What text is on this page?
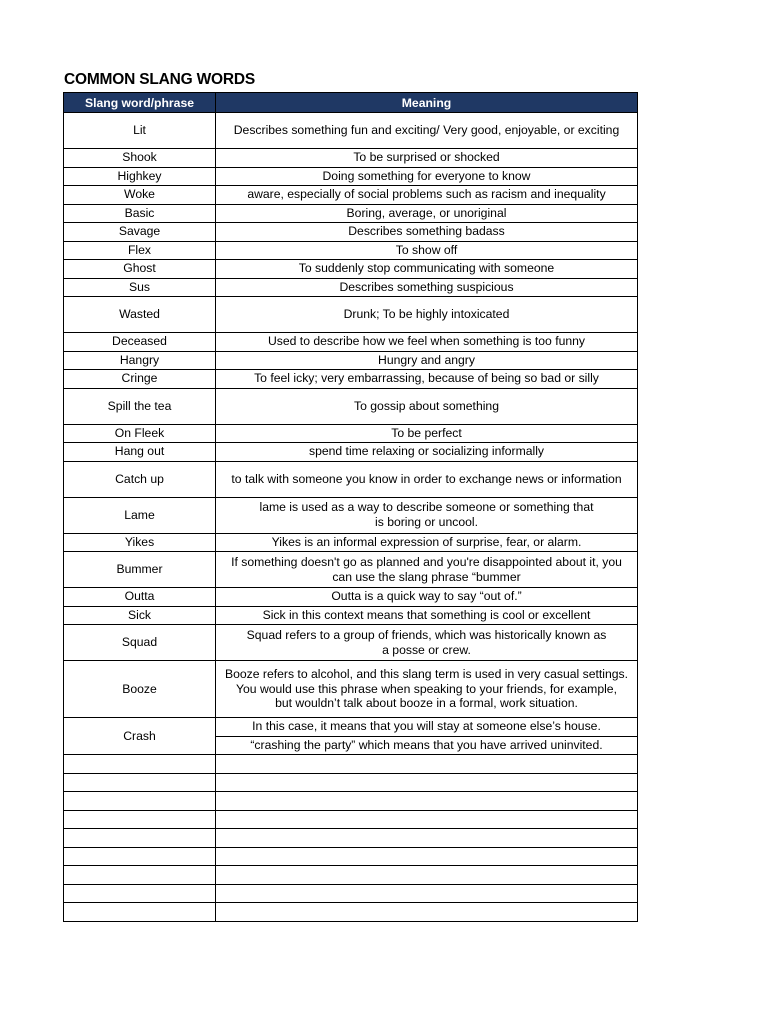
COMMON SLANG WORDS
Slang word/phrase	Meaning
Lit	Describes something fun and exciting/ Very good, enjoyable, or exciting
Shook	To be surprised or shocked
Highkey	Doing something for everyone to know
Woke	aware, especially of social problems such as racism and inequality
Basic	Boring, average, or unoriginal
Savage	Describes something badass
Flex	To show off
Ghost	To suddenly stop communicating with someone
Sus	Describes something suspicious
Wasted	Drunk; To be highly intoxicated
Deceased	Used to describe how we feel when something is too funny
Hangry	Hungry and angry
Cringe	To feel icky; very embarrassing, because of being so bad or silly
Spill the tea	To gossip about something
On Fleek	To be perfect
Hang out	spend time relaxing or socializing informally
Catch up	to talk with someone you know in order to exchange news or information
Lame	lame is used as a way to describe someone or something that
is boring or uncool.

Yikes	Yikes is an informal expression of surprise, fear, or alarm.
Bummer	If something doesn't go as planned and you're disappointed about it, you
can use the slang phrase “bummer

Outta	Outta is a quick way to say “out of.”
Sick	Sick in this context means that something is cool or excellent
Squad	Squad refers to a group of friends, which was historically known as
a posse or crew.

Booze	Booze refers to alcohol, and this slang term is used in very casual settings.
You would use this phrase when speaking to your friends, for example,
but wouldn’t talk about booze in a formal, work situation.

Crash	In this case, it means that you will stay at someone else’s house.
	“crashing the party” which means that you have arrived uninvited.
